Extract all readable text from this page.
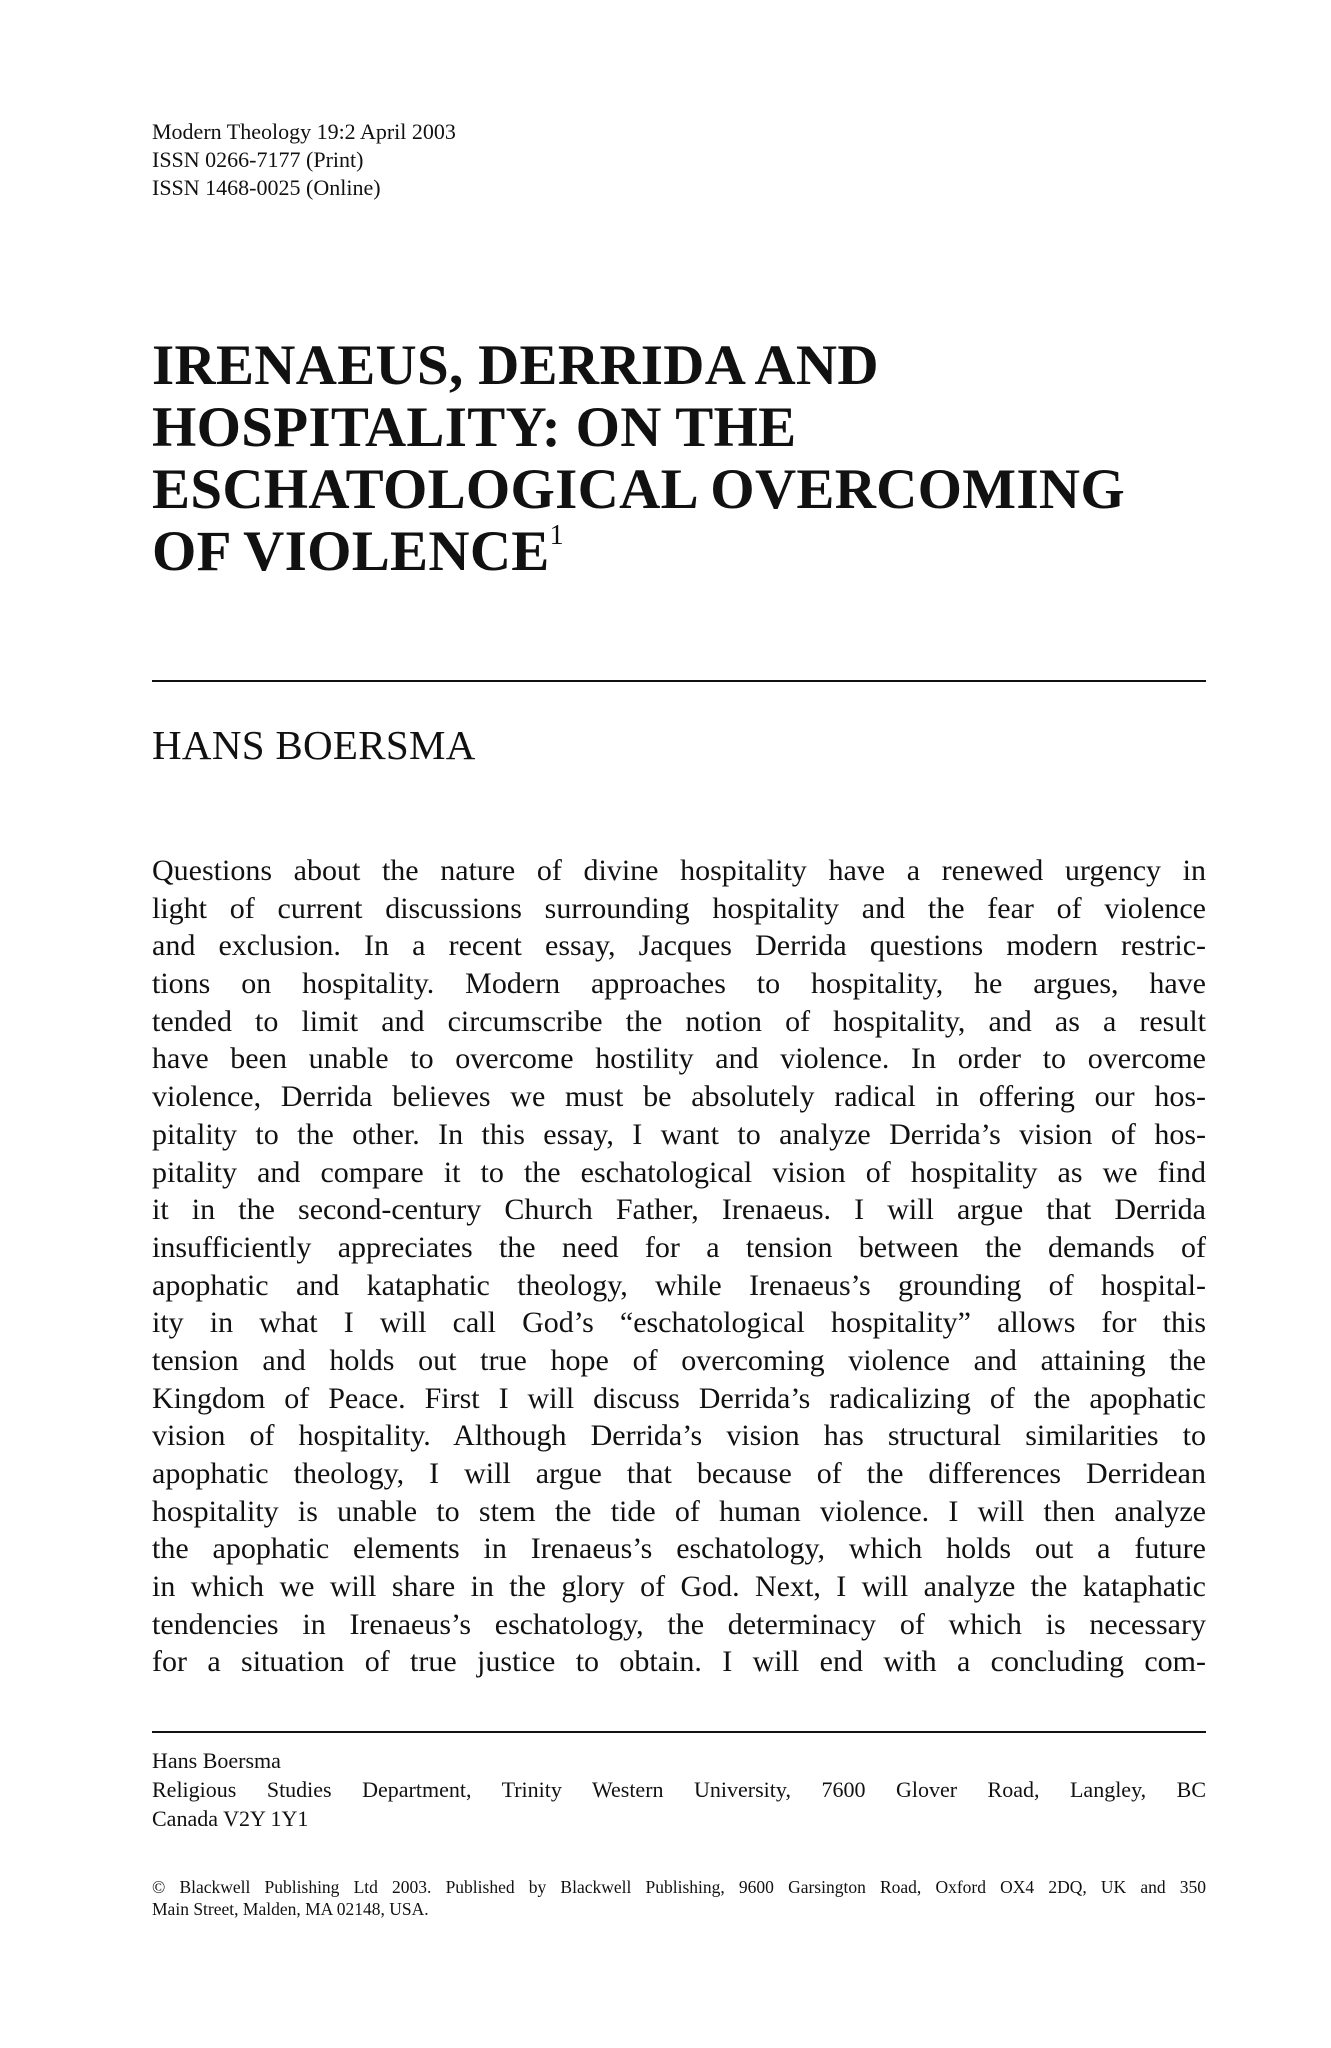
Modern Theology 19:2 April 2003
ISSN 0266-7177 (Print)
ISSN 1468-0025 (Online)
IRENAEUS, DERRIDA AND
HOSPITALITY: ON THE
ESCHATOLOGICAL OVERCOMING
OF VIOLENCE$^1$
HANS BOERSMA
Questions about the nature of divine hospitality have a renewed urgency in
light of current discussions surrounding hospitality and the fear of violence
and exclusion. In a recent essay, Jacques Derrida questions modern restric-
tions on hospitality. Modern approaches to hospitality, he argues, have
tended to limit and circumscribe the notion of hospitality, and as a result
have been unable to overcome hostility and violence. In order to overcome
violence, Derrida believes we must be absolutely radical in offering our hos-
pitality to the other. In this essay, I want to analyze Derrida’s vision of hos-
pitality and compare it to the eschatological vision of hospitality as we find
it in the second-century Church Father, Irenaeus. I will argue that Derrida
insufficiently appreciates the need for a tension between the demands of
apophatic and kataphatic theology, while Irenaeus’s grounding of hospital-
ity in what I will call God’s “eschatological hospitality” allows for this
tension and holds out true hope of overcoming violence and attaining the
Kingdom of Peace. First I will discuss Derrida’s radicalizing of the apophatic
vision of hospitality. Although Derrida’s vision has structural similarities to
apophatic theology, I will argue that because of the differences Derridean
hospitality is unable to stem the tide of human violence. I will then analyze
the apophatic elements in Irenaeus’s eschatology, which holds out a future
in which we will share in the glory of God. Next, I will analyze the kataphatic
tendencies in Irenaeus’s eschatology, the determinacy of which is necessary
for a situation of true justice to obtain. I will end with a concluding com-
Hans Boersma
Religious Studies Department, Trinity Western University, 7600 Glover Road, Langley, BC
Canada V2Y 1Y1
© Blackwell Publishing Ltd 2003. Published by Blackwell Publishing, 9600 Garsington Road, Oxford OX4 2DQ, UK and 350
Main Street, Malden, MA 02148, USA.
